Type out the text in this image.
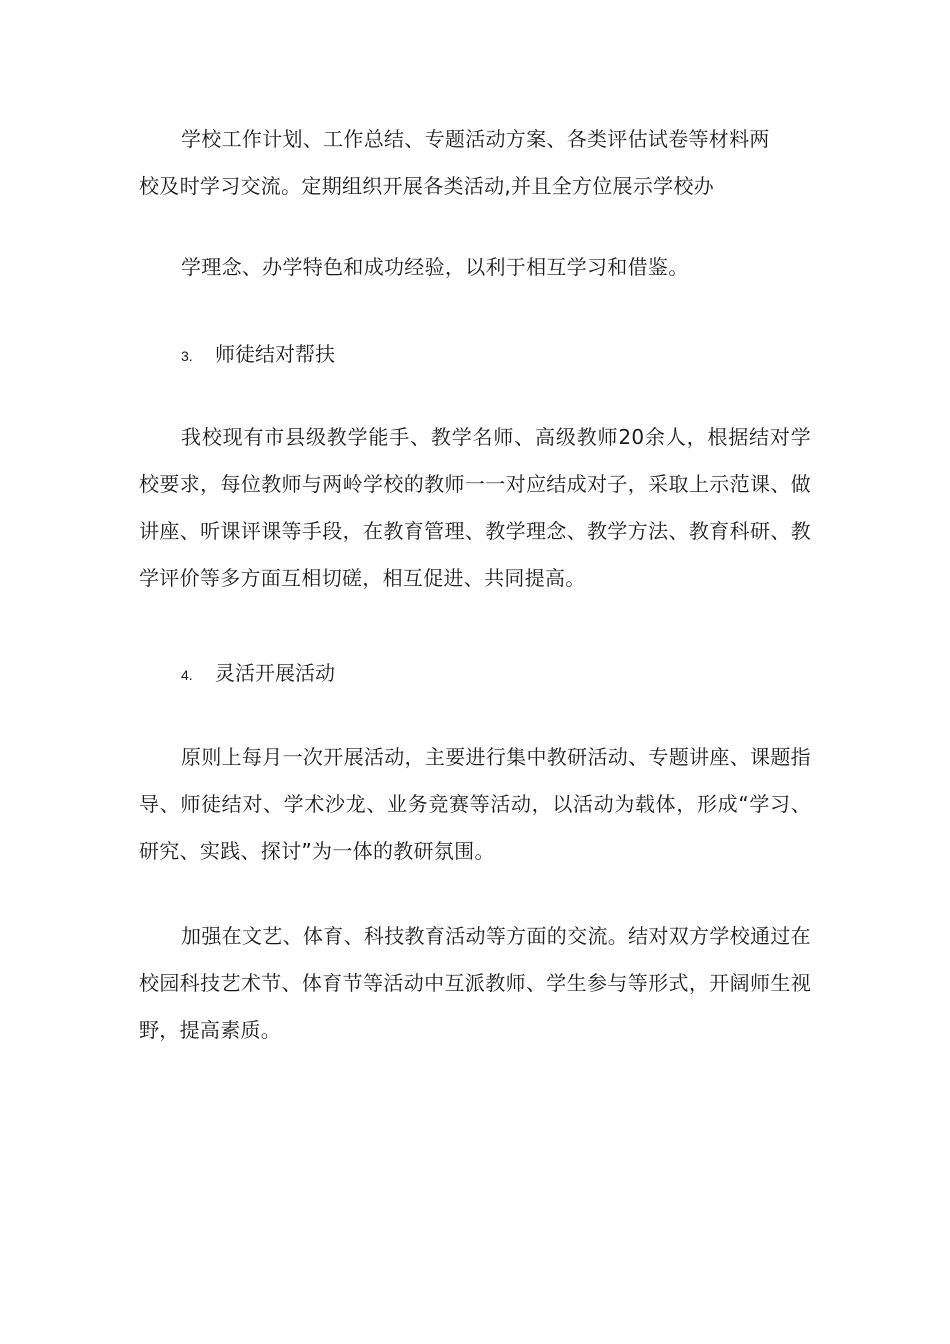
学校工作计划、工作总结、专题活动方案、各类评估试卷等材料两
校及时学习交流。定期组织开展各类活动,并且全方位展示学校办

学理念、办学特色和成功经验，以利于相互学习和借鉴。

3. 师徒结对帮扶

我校现有市县级教学能手、教学名师、高级教师20余人，根据结对学校要求，每位教师与两岭学校的教师一一对应结成对子，采取上示范课、做讲座、听课评课等手段，在教育管理、教学理念、教学方法、教育科研、教学评价等多方面互相切磋，相互促进、共同提高。

4. 灵活开展活动

原则上每月一次开展活动，主要进行集中教研活动、专题讲座、课题指导、师徒结对、学术沙龙、业务竞赛等活动，以活动为载体，形成“学习、研究、实践、探讨”为一体的教研氛围。

加强在文艺、体育、科技教育活动等方面的交流。结对双方学校通过在校园科技艺术节、体育节等活动中互派教师、学生参与等形式，开阔师生视野，提高素质。
